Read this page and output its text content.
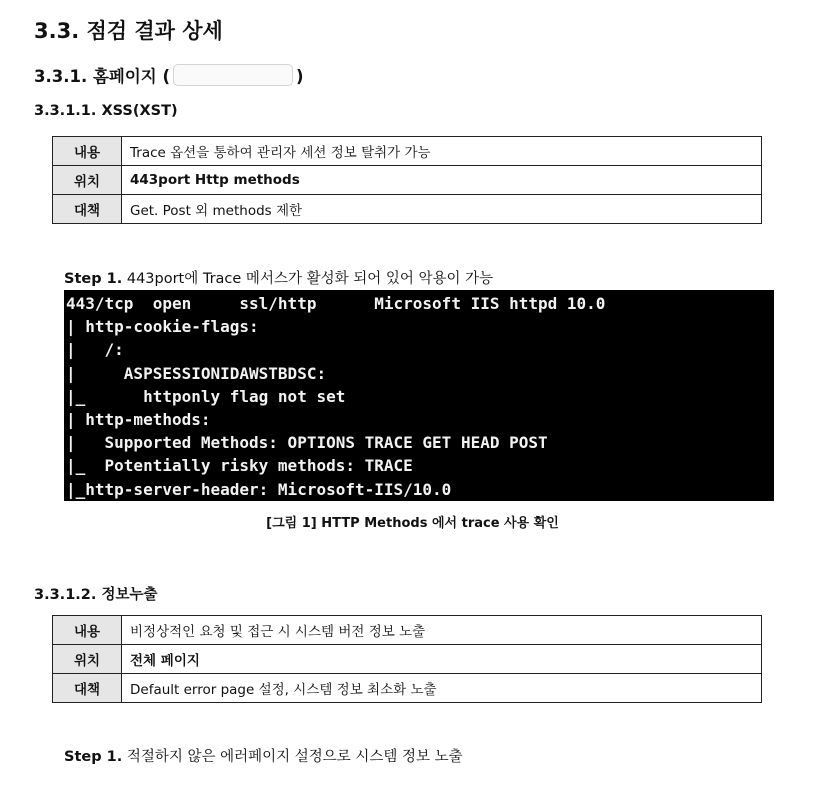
3.3. 점검 결과 상세
3.3.1. 홈페이지 (	)
3.3.1.1. XSS(XST)
내용	Trace 옵션을 통하여 관리자 세션 정보 탈취가 가능
위치	443port Http methods
대책	Get. Post 외 methods 제한
Step 1. 443port에 Trace 메서스가 활성화 되어 있어 악용이 가능
443/tcp  open     ssl/http      Microsoft IIS httpd 10.0
| http-cookie-flags:
|   /:
|     ASPSESSIONIDAWSTBDSC:
|_      httponly flag not set
| http-methods:
|   Supported Methods: OPTIONS TRACE GET HEAD POST
|_  Potentially risky methods: TRACE
|_http-server-header: Microsoft-IIS/10.0
[그림 1] HTTP Methods 에서 trace 사용 확인
3.3.1.2. 정보누출
내용	비정상적인 요청 및 접근 시 시스템 버전 정보 노출
위치	전체 페이지
대책	Default error page 설정, 시스템 정보 최소화 노출
Step 1. 적절하지 않은 에러페이지 설정으로 시스템 정보 노출
